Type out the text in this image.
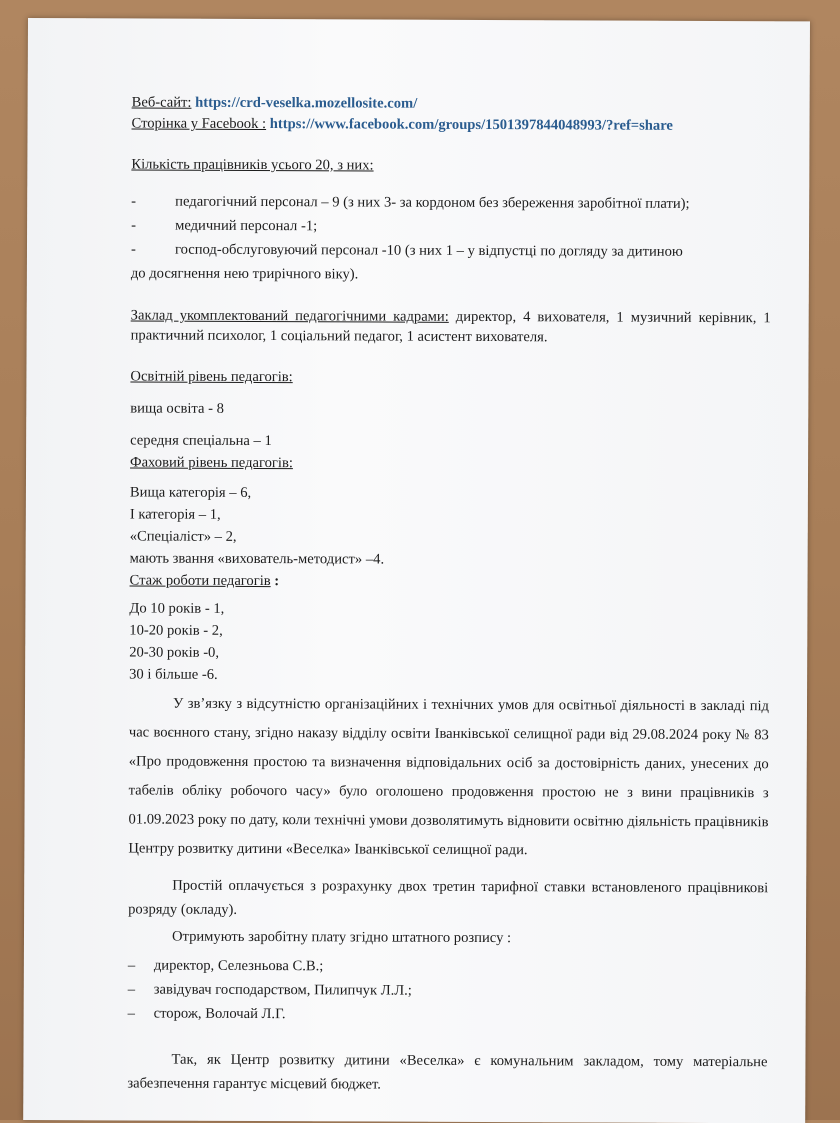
Веб-сайт: https://crd-veselka.mozellosite.com/

Сторінка у Facebook : https://www.facebook.com/groups/1501397844048993/?ref=share

Кількість працівників усього 20, з них:

-	педагогічний персонал – 9 (з них 3- за кордоном без збереження заробітної плати);
-	медичний персонал -1;
-	господ-обслуговуючий персонал -10 (з них 1 – у відпустці по догляду за дитиною
до досягнення нею трирічного віку).

Заклад укомплектований педагогічними кадрами: директор, 4 вихователя, 1 музичний керівник, 1 практичний психолог, 1 соціальний педагог, 1 асистент вихователя.

Освітній рівень педагогів:

вища освіта - 8

середня спеціальна – 1

Фаховий рівень педагогів:

Вища категорія – 6,

І категорія – 1,

«Спеціаліст» – 2,

мають звання «вихователь-методист» –4.

Стаж роботи педагогів :

До 10 років - 1,

10-20 років - 2,

20-30 років -0,

30 і більше -6.

У зв’язку з відсутністю організаційних і технічних умов для освітньої діяльності в закладі під час воєнного стану, згідно наказу відділу освіти Іванківської селищної ради від 29.08.2024 року № 83 «Про продовження простою та визначення відповідальних осіб за достовірність даних, унесених до табелів обліку робочого часу» було оголошено продовження простою не з вини працівників з 01.09.2023 року по дату, коли технічні умови дозволятимуть відновити освітню діяльність працівників Центру розвитку дитини «Веселка» Іванківської селищної ради.

Простій оплачується з розрахунку двох третин тарифної ставки встановленого працівникові розряду (окладу).

Отримують заробітну плату згідно штатного розпису :

–	директор, Селезньова С.В.;
–	завідувач господарством, Пилипчук Л.Л.;
–	сторож, Волочай Л.Г.

Так, як Центр розвитку дитини «Веселка» є комунальним закладом, тому матеріальне забезпечення гарантує місцевий бюджет.
